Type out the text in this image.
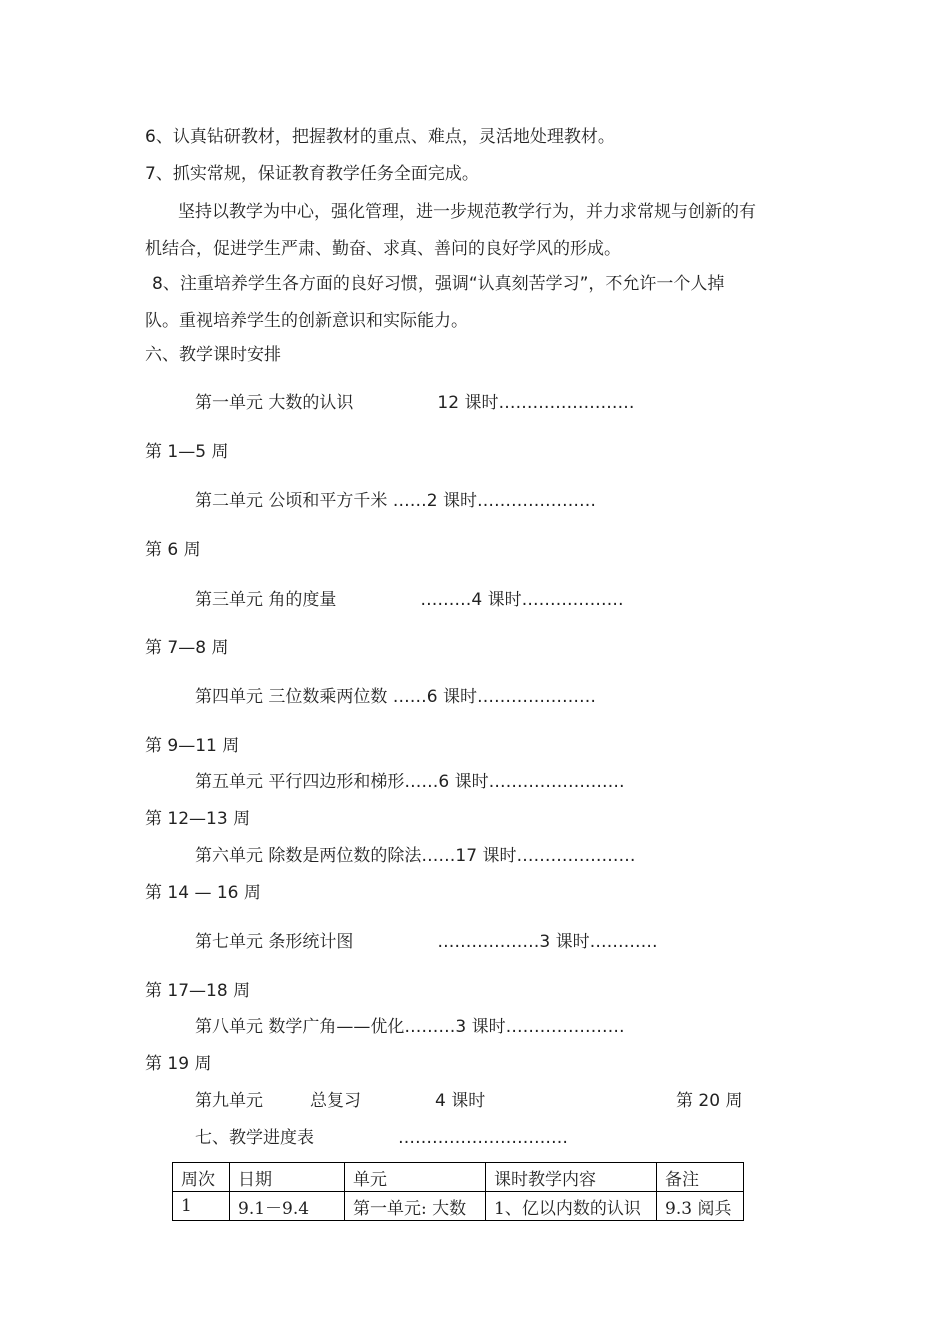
6、认真钻研教材，把握教材的重点、难点，灵活地处理教材。
7、抓实常规，保证教育教学任务全面完成。
坚持以教学为中心，强化管理，进一步规范教学行为，并力求常规与创新的有
机结合，促进学生严肃、勤奋、求真、善问的良好学风的形成。
8、注重培养学生各方面的良好习惯，强调“认真刻苦学习”，不允许一个人掉
队。重视培养学生的创新意识和实际能力。
六、教学课时安排
第一单元 大数的认识	12 课时……………………
第 1—5 周
第二单元 公顷和平方千米 ……2 课时…………………
第 6 周
第三单元 角的度量	………4 课时………………
第 7—8 周
第四单元 三位数乘两位数 ……6 课时…………………
第 9—11 周
第五单元 平行四边形和梯形……6 课时……………………
第 12—13 周
第六单元 除数是两位数的除法……17 课时…………………
第 14 — 16 周
第七单元 条形统计图	………………3 课时…………
第 17—18 周
第八单元 数学广角——优化………3 课时…………………
第 19 周
第九单元	总复习	4 课时	第 20 周
七、教学进度表	…………………………
周次	日期	单元	课时教学内容	备注
1	9.1－9.4	第一单元: 大数	1、亿以内数的认识	9.3 阅兵
